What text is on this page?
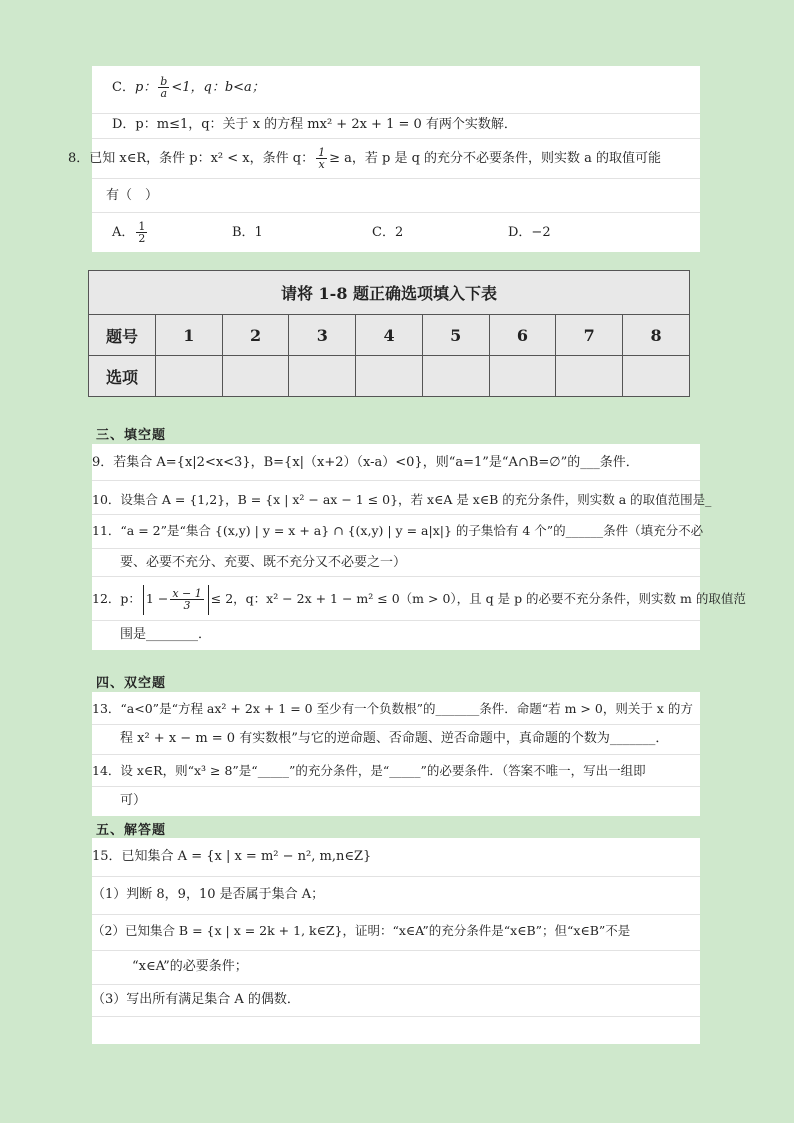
C．p： $\frac{b}{a} <1$，q：b<a；
D．p：m≤1，q：关于 x 的方程 mx² + 2x + 1 = 0 有两个实数解．
8．已知 x∈R，条件 p：x² < x，条件 q： $\frac{1}{x} \ge a$，若 p 是 q 的充分不必要条件，则实数 a 的取值可能
有（　）
A． $\frac{1}{2}$	B．1	C．2	D．−2
请将 1-8 题正确选项填入下表								
题号	1	2	3	4	5	6	7	8
选项								
三、填空题
9．若集合 A={x|2<x<3}，B={x|（x+2）（x-a）<0}，则“a=1”是“A∩B=∅”的___条件．
10．设集合 A = {1,2}，B = {x | x² − ax − 1 ≤ 0}，若 x∈A 是 x∈B 的充分条件，则实数 a 的取值范围是_
11．“a = 2”是“集合 {(x,y) | y = x + a} ∩ {(x,y) | y = a|x|} 的子集恰有 4 个”的______条件（填充分不必
要、必要不充分、充要、既不充分又不必要之一）
12．p： $1 - \frac{x - 1}{3} \le 2$，q：x² − 2x + 1 − m² ≤ 0（m > 0），且 q 是 p 的必要不充分条件，则实数 m 的取值范
围是________．
四、双空题
13．“a<0”是“方程 ax² + 2x + 1 = 0 至少有一个负数根”的_______条件．命题“若 m > 0，则关于 x 的方
程 x² + x − m = 0 有实数根”与它的逆命题、否命题、逆否命题中，真命题的个数为_______．
14．设 x∈R，则“x³ ≥ 8”是“_____”的充分条件，是“_____”的必要条件．（答案不唯一，写出一组即
可）
五、解答题
15．已知集合 A = {x | x = m² − n², m,n∈Z}
（1）判断 8，9，10 是否属于集合 A；
（2）已知集合 B = {x | x = 2k + 1, k∈Z}，证明：“x∈A”的充分条件是“x∈B”；但“x∈B”不是
“x∈A”的必要条件；
（3）写出所有满足集合 A 的偶数．
